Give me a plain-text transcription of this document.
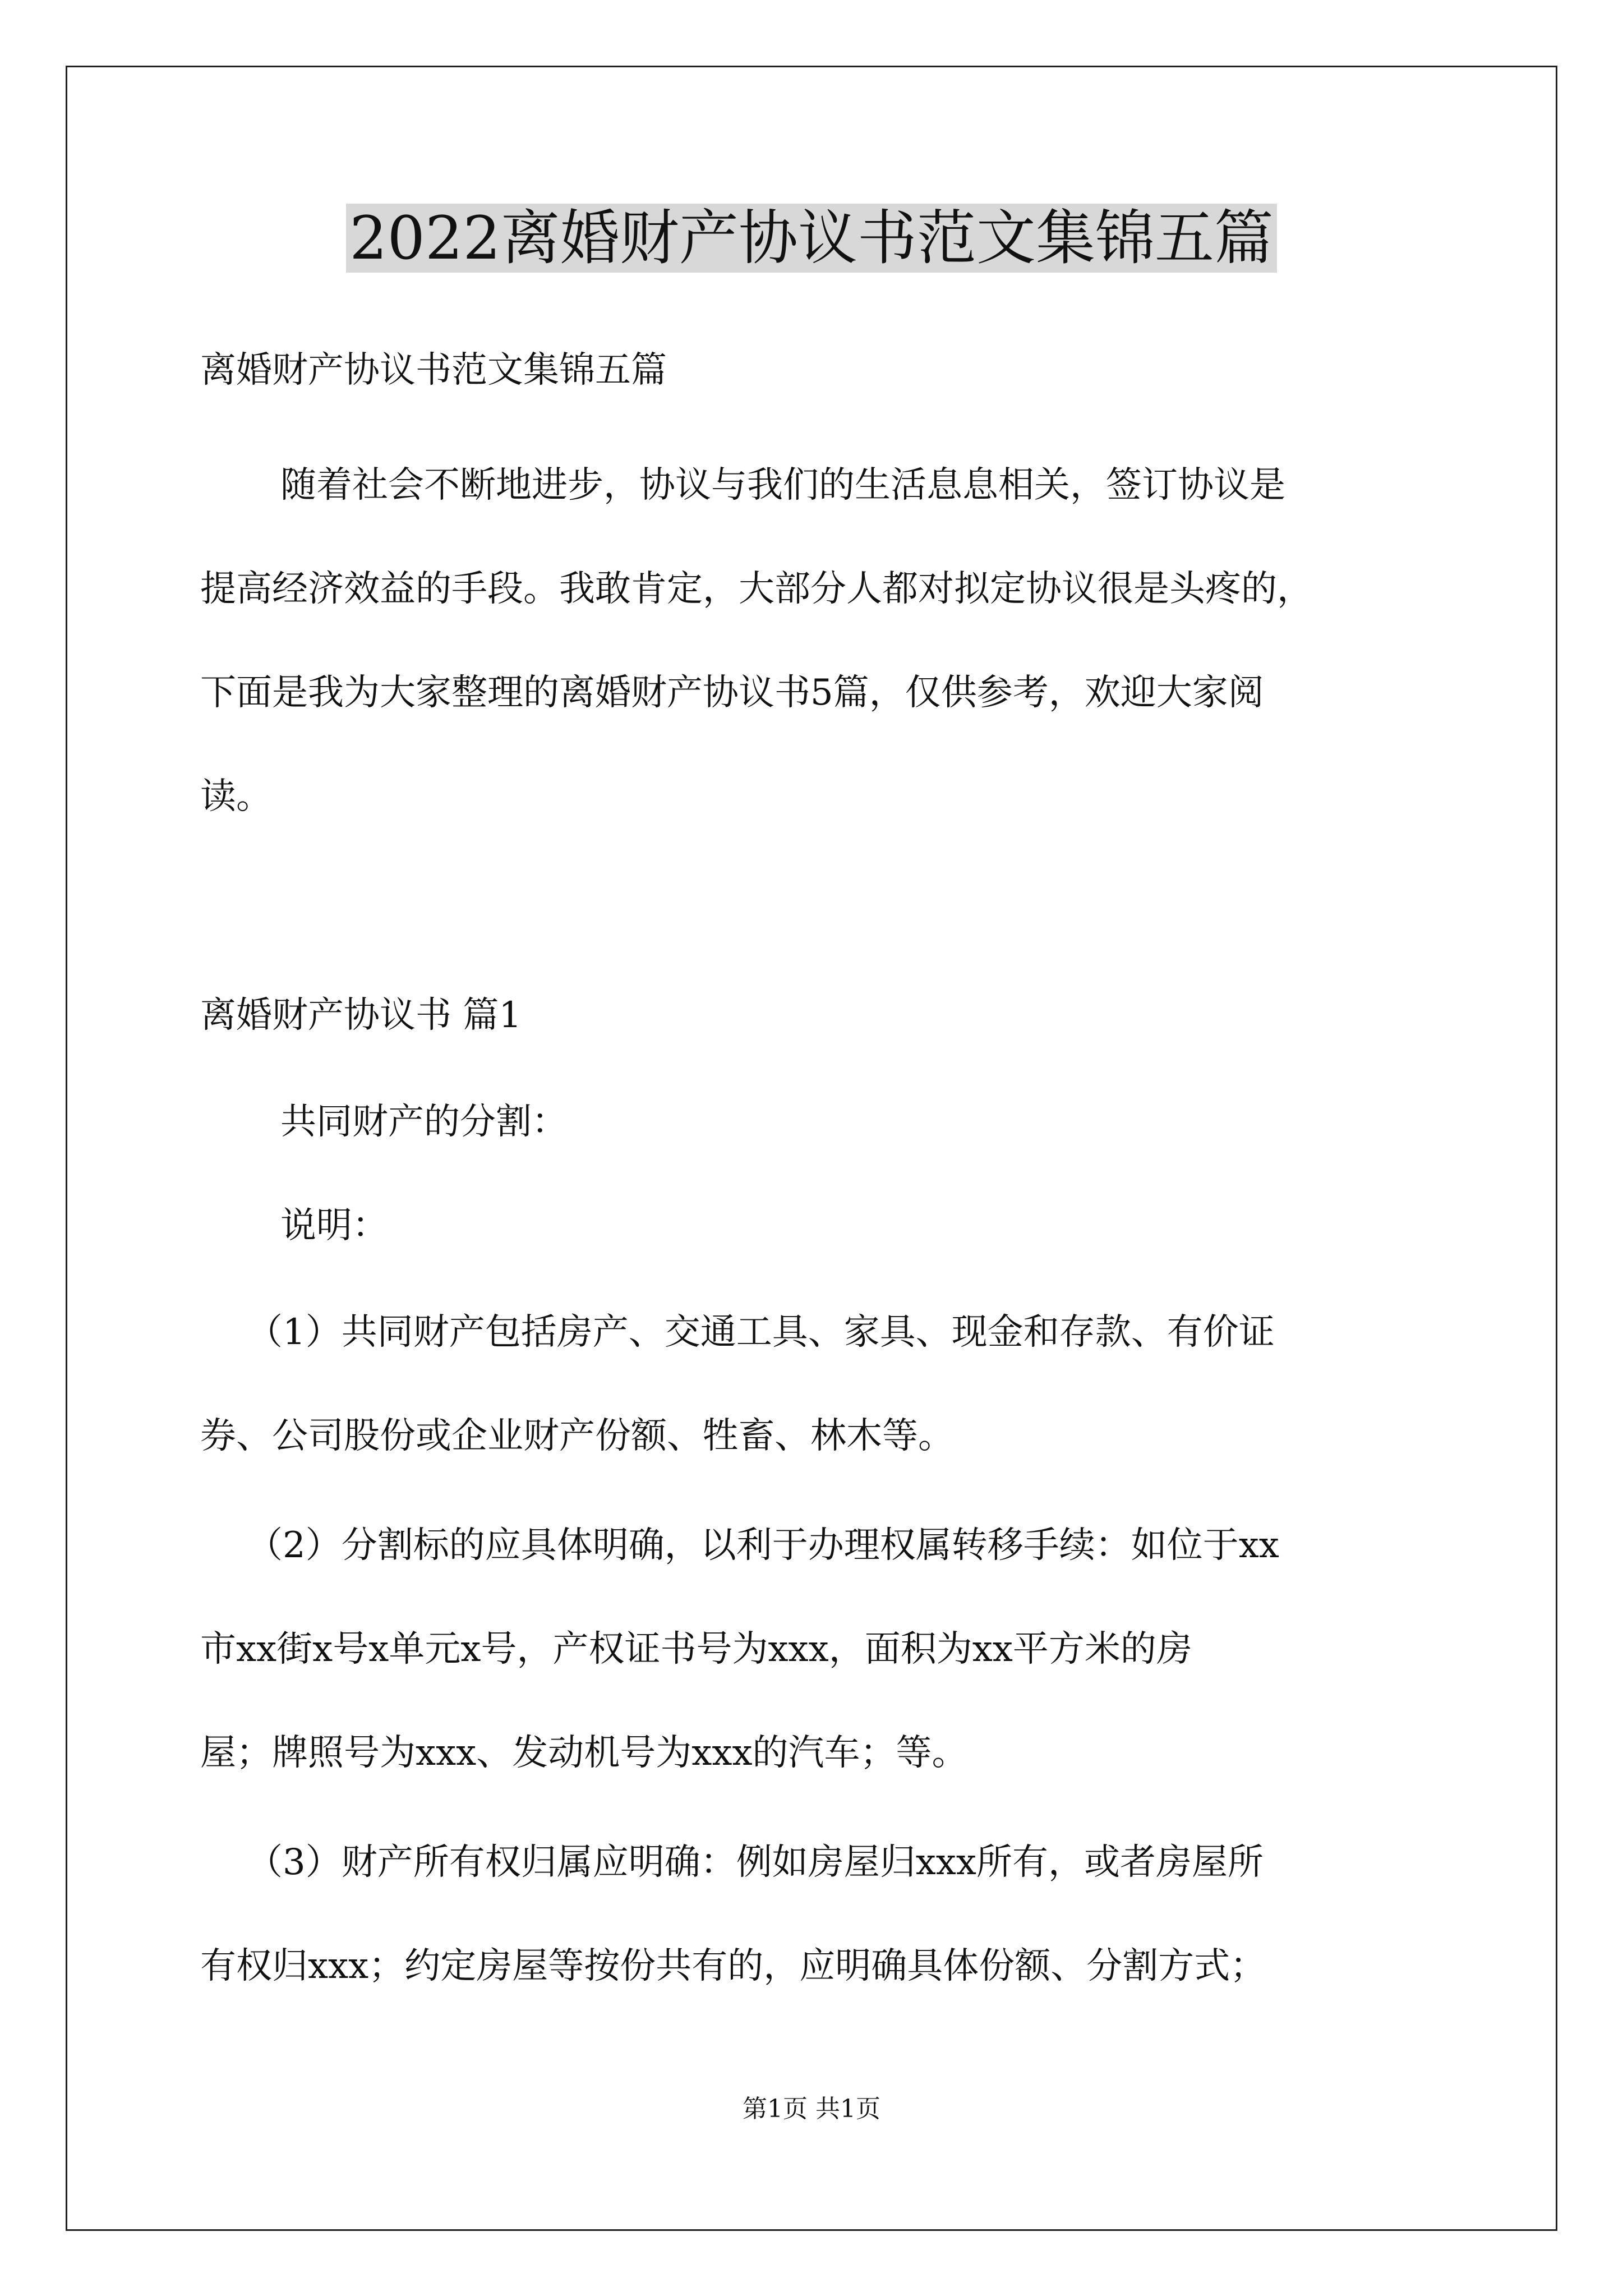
2022离婚财产协议书范文集锦五篇

离婚财产协议书范文集锦五篇

随着社会不断地进步，协议与我们的生活息息相关，签订协议是

提高经济效益的手段。我敢肯定，大部分人都对拟定协议很是头疼的，

下面是我为大家整理的离婚财产协议书5篇，仅供参考，欢迎大家阅

读。

离婚财产协议书 篇1

共同财产的分割：

说明：

（1）共同财产包括房产、交通工具、家具、现金和存款、有价证

券、公司股份或企业财产份额、牲畜、林木等。

（2）分割标的应具体明确，以利于办理权属转移手续：如位于xx

市xx街x号x单元x号，产权证书号为xxx，面积为xx平方米的房

屋；牌照号为xxx、发动机号为xxx的汽车；等。

（3）财产所有权归属应明确：例如房屋归xxx所有，或者房屋所

有权归xxx；约定房屋等按份共有的，应明确具体份额、分割方式；

第1页 共1页
